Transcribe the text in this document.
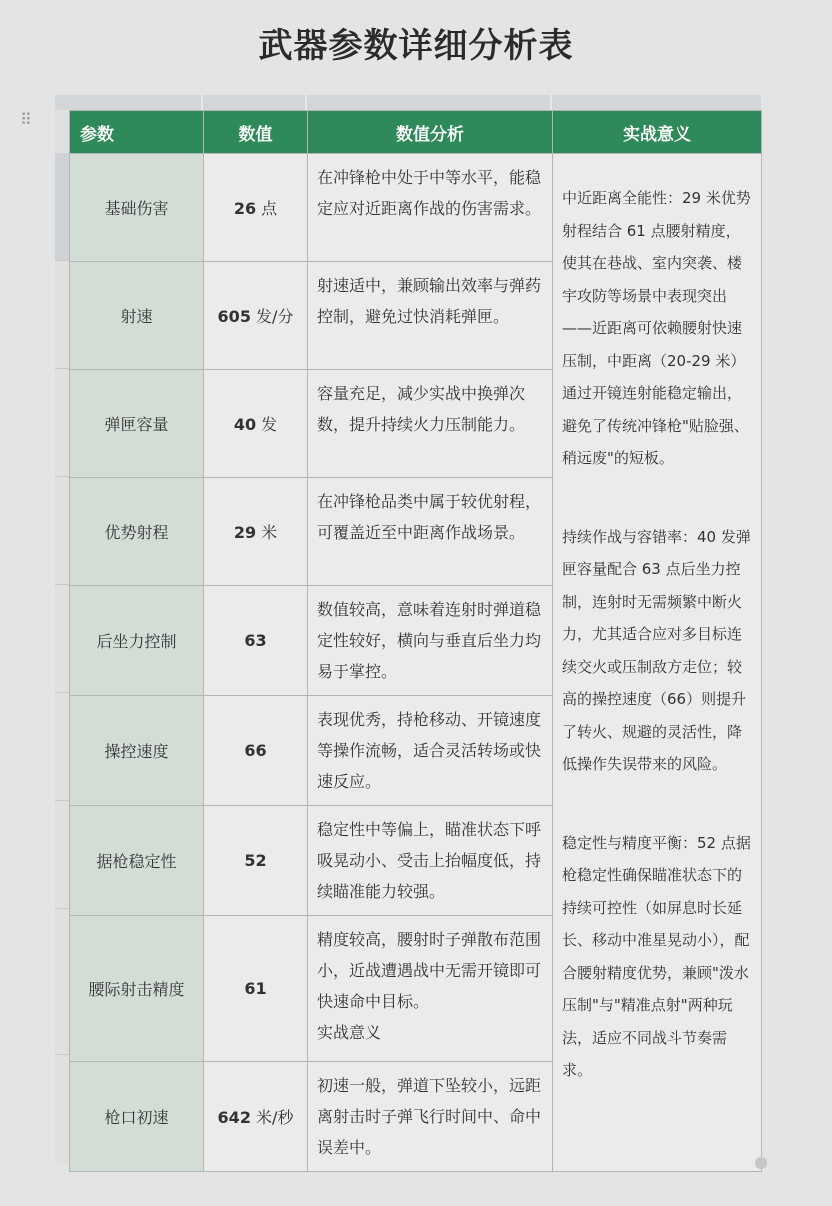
武器参数详细分析表
⠿
参数	数值	数值分析	实战意义
基础伤害	26 点	在冲锋枪中处于中等水平，能稳定应对近距离作战的伤害需求。	中近距离全能性：29 米优势射程结合 61 点腰射精度，使其在巷战、室内突袭、楼宇攻防等场景中表现突出——近距离可依赖腰射快速压制，中距离（20-29 米）通过开镜连射能稳定输出，避免了传统冲锋枪"贴脸强、稍远废"的短板。

持续作战与容错率：40 发弹匣容量配合 63 点后坐力控制，连射时无需频繁中断火力，尤其适合应对多目标连续交火或压制敌方走位；较高的操控速度（66）则提升了转火、规避的灵活性，降低操作失误带来的风险。

稳定性与精度平衡：52 点据枪稳定性确保瞄准状态下的持续可控性（如屏息时长延长、移动中准星晃动小），配合腰射精度优势，兼顾"泼水压制"与"精准点射"两种玩法，适应不同战斗节奏需求。

射速	605 发/分	射速适中，兼顾输出效率与弹药控制，避免过快消耗弹匣。	
弹匣容量	40 发	容量充足，减少实战中换弹次数，提升持续火力压制能力。	
优势射程	29 米	在冲锋枪品类中属于较优射程，可覆盖近至中距离作战场景。	
后坐力控制	63	数值较高，意味着连射时弹道稳定性较好，横向与垂直后坐力均易于掌控。	
操控速度	66	表现优秀，持枪移动、开镜速度等操作流畅，适合灵活转场或快速反应。	
据枪稳定性	52	稳定性中等偏上，瞄准状态下呼吸晃动小、受击上抬幅度低，持续瞄准能力较强。	
腰际射击精度	61	精度较高，腰射时子弹散布范围小，近战遭遇战中无需开镜即可快速命中目标。
实战意义	

枪口初速	642 米/秒	初速一般，弹道下坠较小，远距离射击时子弹飞行时间中、命中误差中。	
